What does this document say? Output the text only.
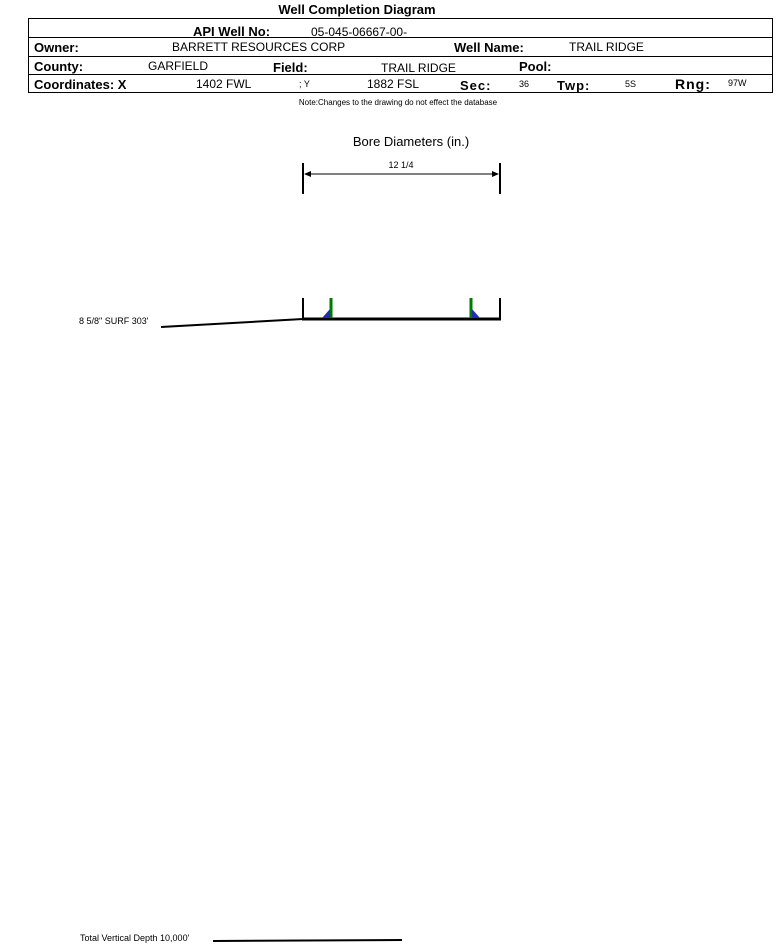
Well Completion Diagram
API Well No:	05-045-06667-00-
Owner:	BARRETT RESOURCES CORP	Well Name:	TRAIL RIDGE
County:	GARFIELD	Field:	TRAIL RIDGE	Pool:
Coordinates: X	1402 FWL	; Y	1882 FSL	Sec:	36 Twp:	5S	Rng: 97W
Note:Changes to the drawing do not effect the database
Bore Diameters (in.)
12 1/4
8 5/8" SURF 303'
Total Vertical Depth 10,000'
